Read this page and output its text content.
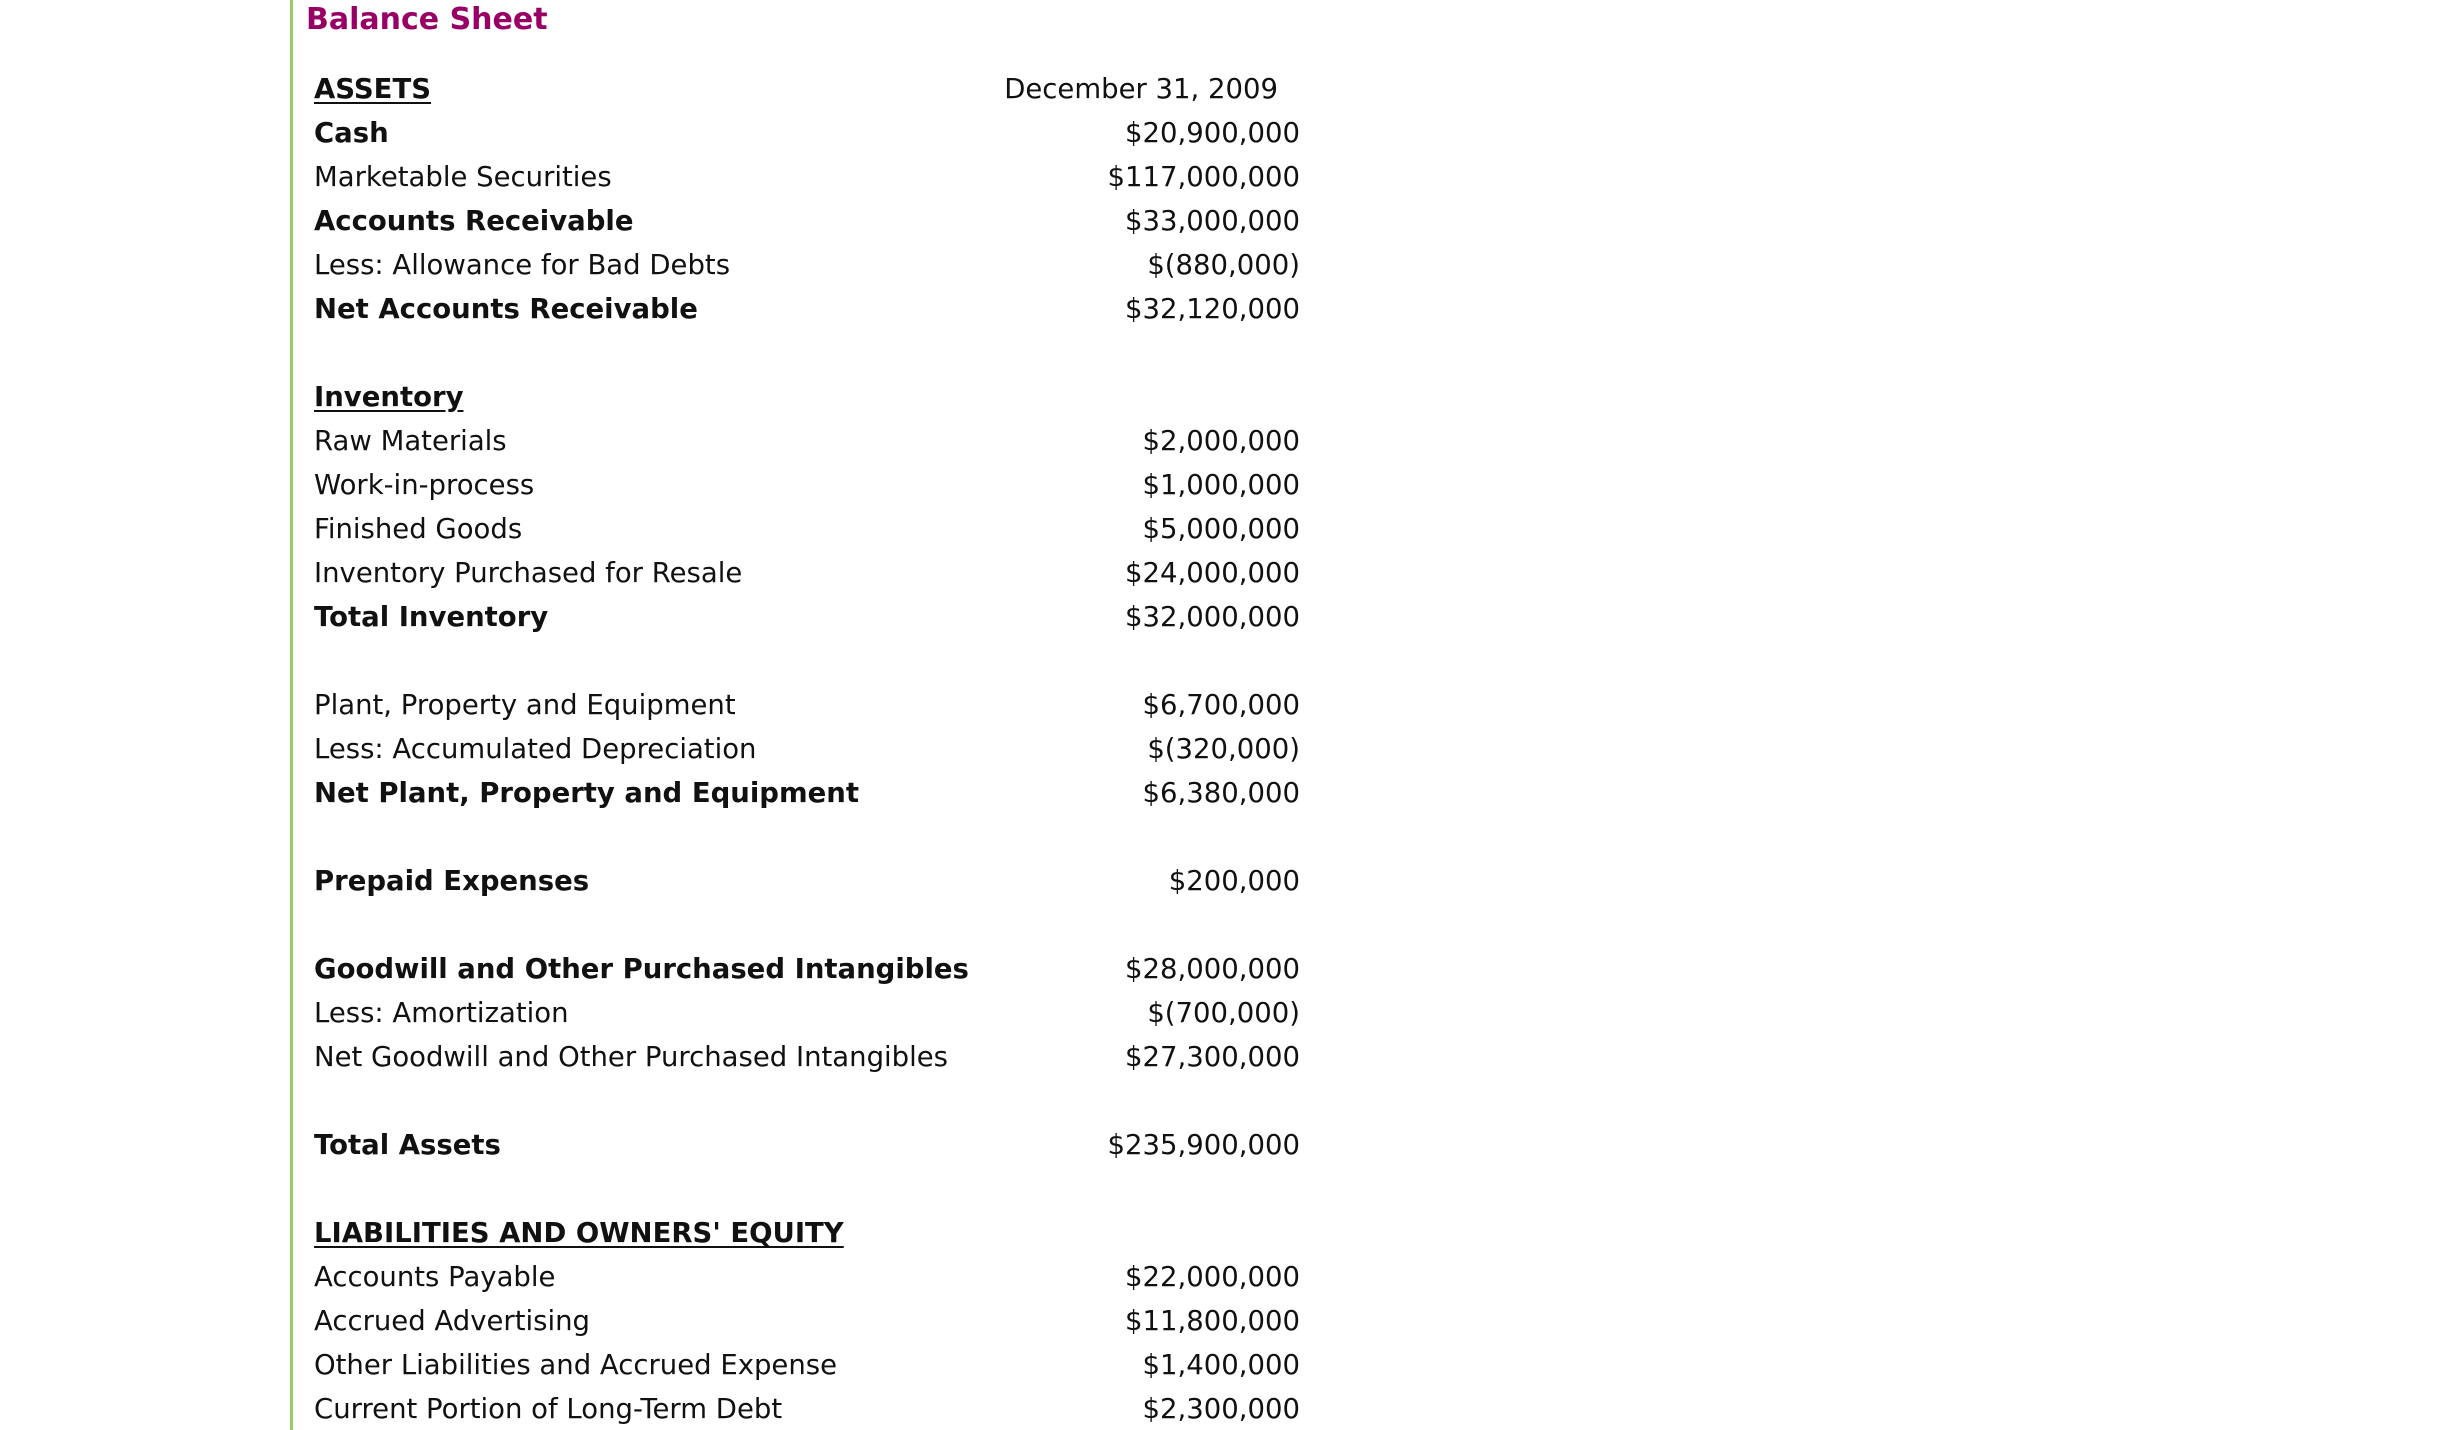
Balance Sheet
ASSETS	December 31, 2009
Cash	$20,900,000
Marketable Securities	$117,000,000
Accounts Receivable	$33,000,000
Less: Allowance for Bad Debts	$(880,000)
Net Accounts Receivable	$32,120,000
Inventory
Raw Materials	$2,000,000
Work-in-process	$1,000,000
Finished Goods	$5,000,000
Inventory Purchased for Resale	$24,000,000
Total Inventory	$32,000,000
Plant, Property and Equipment	$6,700,000
Less: Accumulated Depreciation	$(320,000)
Net Plant, Property and Equipment	$6,380,000
Prepaid Expenses	$200,000
Goodwill and Other Purchased Intangibles	$28,000,000
Less: Amortization	$(700,000)
Net Goodwill and Other Purchased Intangibles	$27,300,000
Total Assets	$235,900,000
LIABILITIES AND OWNERS' EQUITY
Accounts Payable	$22,000,000
Accrued Advertising	$11,800,000
Other Liabilities and Accrued Expense	$1,400,000
Current Portion of Long-Term Debt	$2,300,000
